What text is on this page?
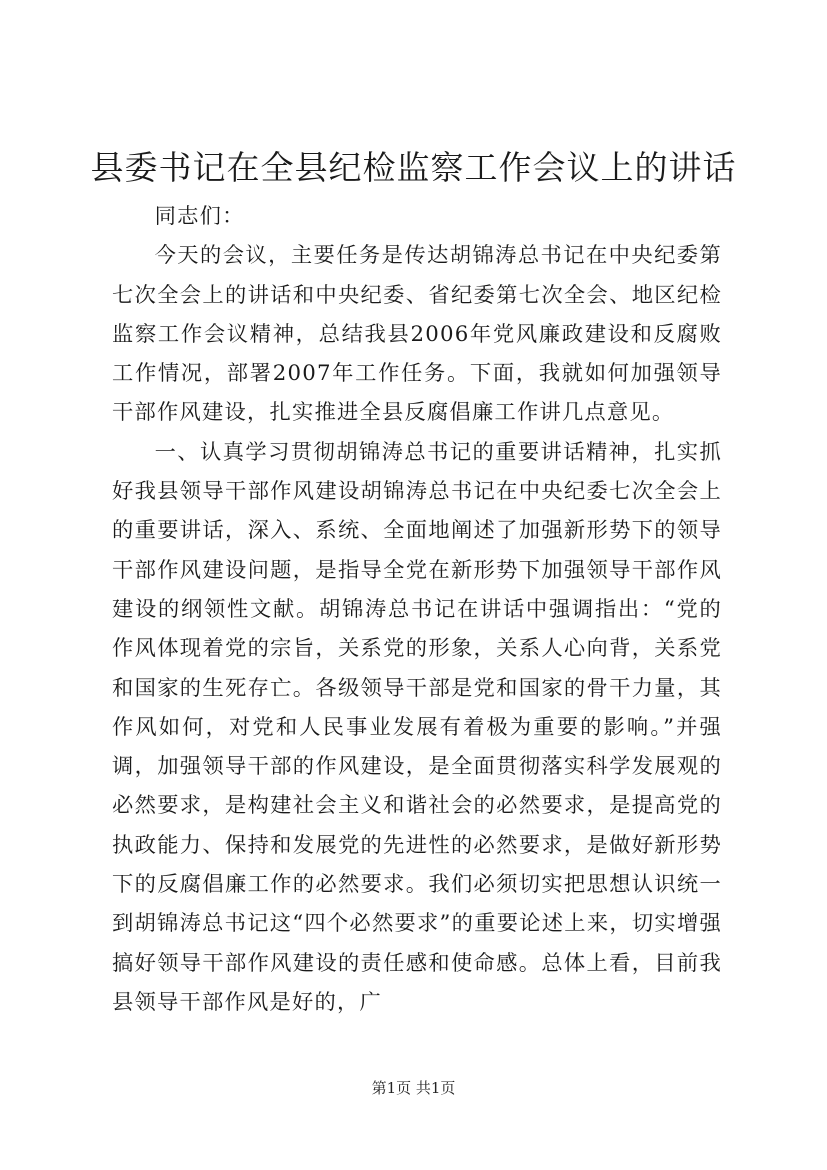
县委书记在全县纪检监察工作会议上的讲话

同志们：

今天的会议，主要任务是传达胡锦涛总书记在中央纪委第七次全会上的讲话和中央纪委、省纪委第七次全会、地区纪检监察工作会议精神，总结我县2006年党风廉政建设和反腐败工作情况，部署2007年工作任务。下面，我就如何加强领导干部作风建设，扎实推进全县反腐倡廉工作讲几点意见。

一、认真学习贯彻胡锦涛总书记的重要讲话精神，扎实抓好我县领导干部作风建设胡锦涛总书记在中央纪委七次全会上的重要讲话，深入、系统、全面地阐述了加强新形势下的领导干部作风建设问题，是指导全党在新形势下加强领导干部作风建设的纲领性文献。胡锦涛总书记在讲话中强调指出：“党的作风体现着党的宗旨，关系党的形象，关系人心向背，关系党和国家的生死存亡。各级领导干部是党和国家的骨干力量，其作风如何，对党和人民事业发展有着极为重要的影响。”并强调，加强领导干部的作风建设，是全面贯彻落实科学发展观的必然要求，是构建社会主义和谐社会的必然要求，是提高党的执政能力、保持和发展党的先进性的必然要求，是做好新形势下的反腐倡廉工作的必然要求。我们必须切实把思想认识统一到胡锦涛总书记这“四个必然要求”的重要论述上来，切实增强搞好领导干部作风建设的责任感和使命感。总体上看，目前我县领导干部作风是好的，广

第1页 共1页
